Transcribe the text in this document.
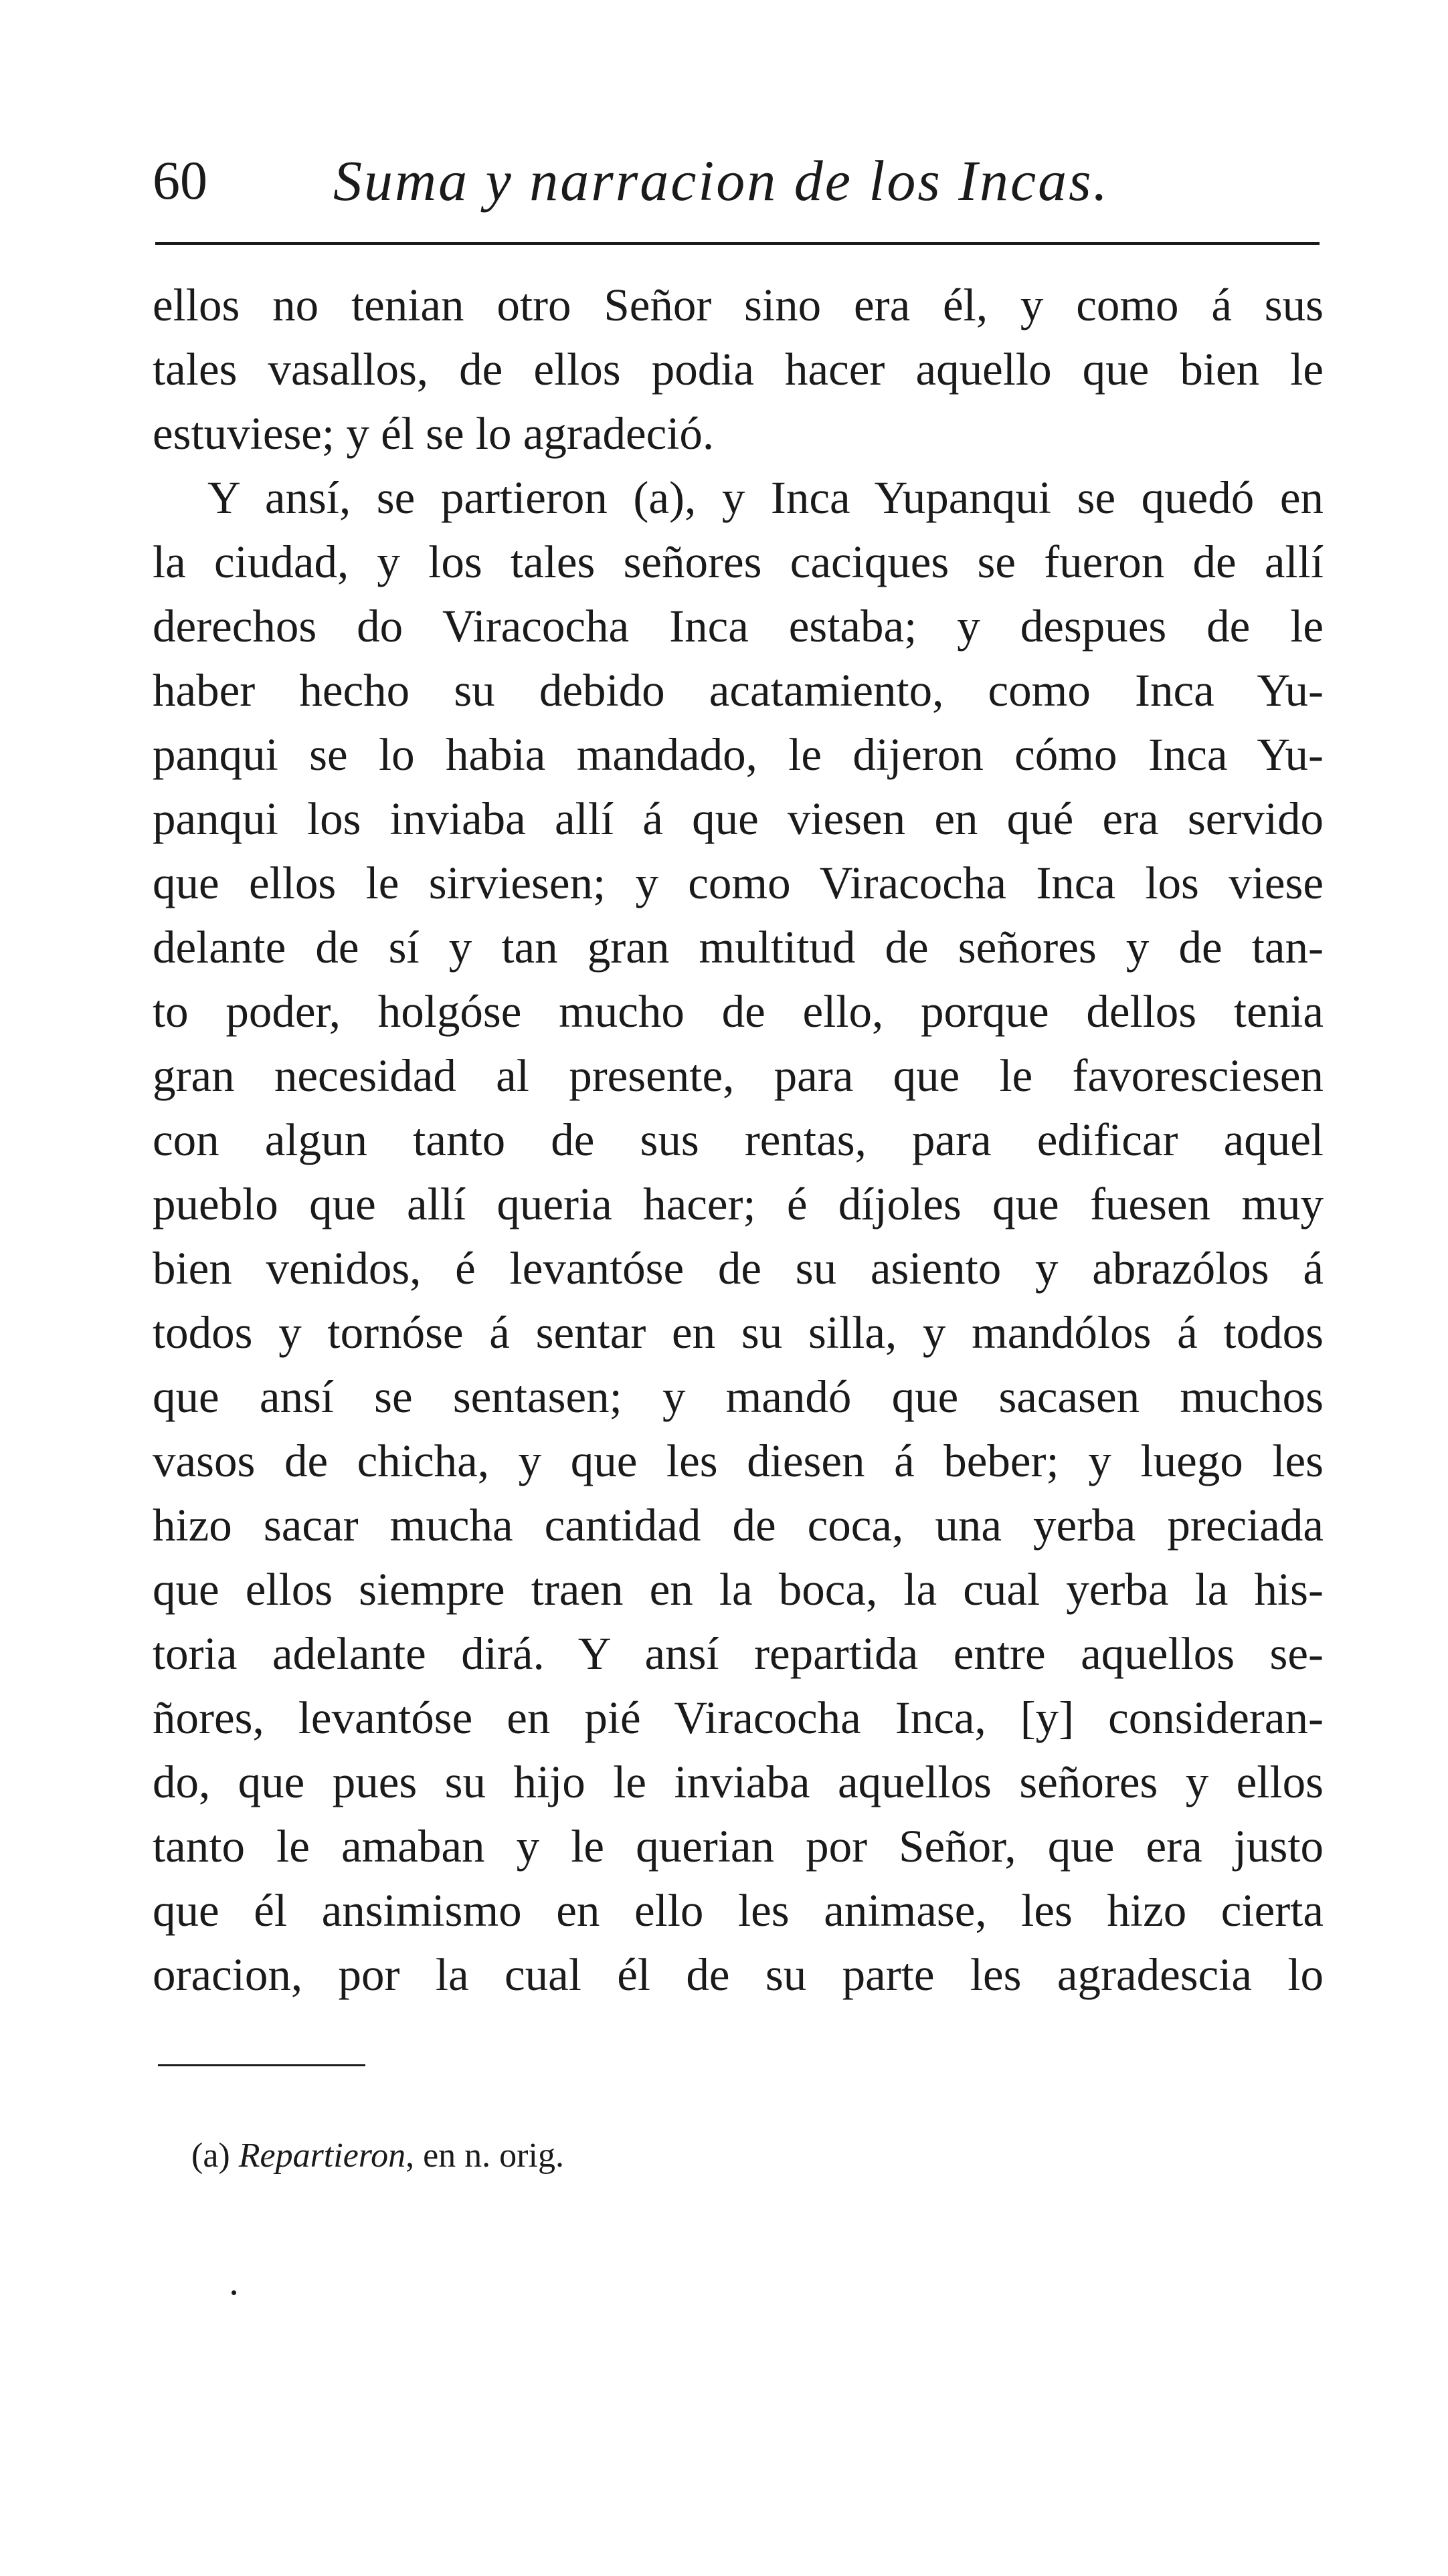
60 Suma y narracion de los Incas.
ellos no tenian otro Señor sino era él, y como á sus
tales vasallos, de ellos podia hacer aquello que bien le
estuviese; y él se lo agradeció.
Y ansí, se partieron (a), y Inca Yupanqui se quedó en
la ciudad, y los tales señores caciques se fueron de allí
derechos do Viracocha Inca estaba; y despues de le
haber hecho su debido acatamiento, como Inca Yu-
panqui se lo habia mandado, le dijeron cómo Inca Yu-
panqui los inviaba allí á que viesen en qué era servido
que ellos le sirviesen; y como Viracocha Inca los viese
delante de sí y tan gran multitud de señores y de tan-
to poder, holgóse mucho de ello, porque dellos tenia
gran necesidad al presente, para que le favoresciesen
con algun tanto de sus rentas, para edificar aquel
pueblo que allí queria hacer; é díjoles que fuesen muy
bien venidos, é levantóse de su asiento y abrazólos á
todos y tornóse á sentar en su silla, y mandólos á todos
que ansí se sentasen; y mandó que sacasen muchos
vasos de chicha, y que les diesen á beber; y luego les
hizo sacar mucha cantidad de coca, una yerba preciada
que ellos siempre traen en la boca, la cual yerba la his-
toria adelante dirá. Y ansí repartida entre aquellos se-
ñores, levantóse en pié Viracocha Inca, [y] consideran-
do, que pues su hijo le inviaba aquellos señores y ellos
tanto le amaban y le querian por Señor, que era justo
que él ansimismo en ello les animase, les hizo cierta
oracion, por la cual él de su parte les agradescia lo
(a) Repartieron, en n. orig.
